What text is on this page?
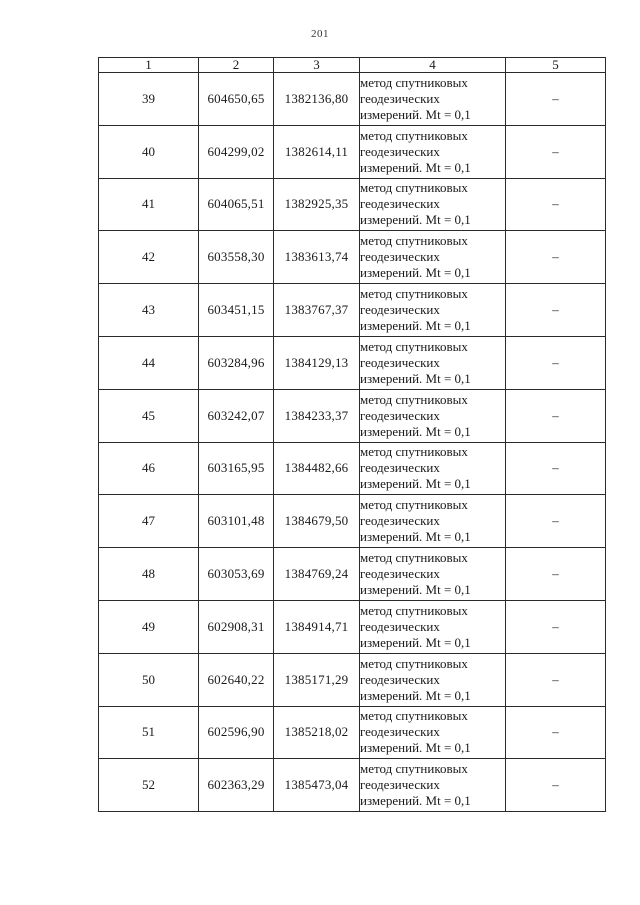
201
1	2	3	4	5
39	604650,65	1382136,80	метод спутниковых
геодезических
измерений. Mt = 0,1	–
40	604299,02	1382614,11	метод спутниковых
геодезических
измерений. Mt = 0,1	–
41	604065,51	1382925,35	метод спутниковых
геодезических
измерений. Mt = 0,1	–
42	603558,30	1383613,74	метод спутниковых
геодезических
измерений. Mt = 0,1	–
43	603451,15	1383767,37	метод спутниковых
геодезических
измерений. Mt = 0,1	–
44	603284,96	1384129,13	метод спутниковых
геодезических
измерений. Mt = 0,1	–
45	603242,07	1384233,37	метод спутниковых
геодезических
измерений. Mt = 0,1	–
46	603165,95	1384482,66	метод спутниковых
геодезических
измерений. Mt = 0,1	–
47	603101,48	1384679,50	метод спутниковых
геодезических
измерений. Mt = 0,1	–
48	603053,69	1384769,24	метод спутниковых
геодезических
измерений. Mt = 0,1	–
49	602908,31	1384914,71	метод спутниковых
геодезических
измерений. Mt = 0,1	–
50	602640,22	1385171,29	метод спутниковых
геодезических
измерений. Mt = 0,1	–
51	602596,90	1385218,02	метод спутниковых
геодезических
измерений. Mt = 0,1	–
52	602363,29	1385473,04	метод спутниковых
геодезических
измерений. Mt = 0,1	–
